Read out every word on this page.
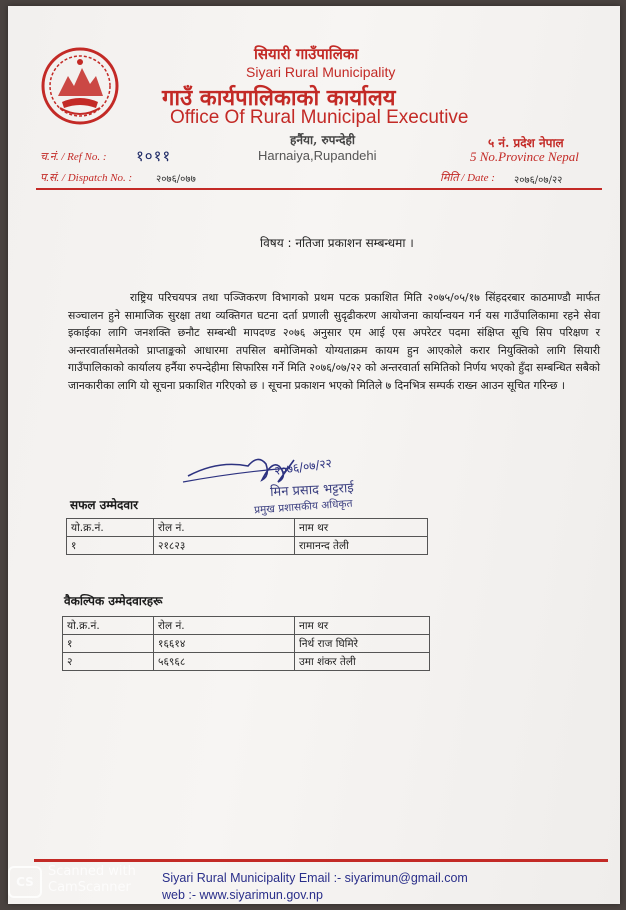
सियारी गाउँपालिका
Siyari Rural Municipality
गाउँ कार्यपालिकाको कार्यालय
Office Of Rural Municipal Executive
हर्नैया, रुपन्देही
Harnaiya,Rupandehi
५ नं. प्रदेश नेपाल
5 No.Province Nepal
च.नं. / Ref No. : १०११
प.सं. / Dispatch No. : २०७६/०७७	मिति / Date : २०७६/०७/२२
विषय : नतिजा प्रकाशन सम्बन्धमा ।
राष्ट्रिय परिचयपत्र तथा पञ्जिकरण विभागको प्रथम पटक प्रकाशित मिति २०७५/०५/१७ सिंहदरबार काठमाण्डौ मार्फत सञ्चालन हुने सामाजिक सुरक्षा तथा व्यक्तिगत घटना दर्ता प्रणाली सुदृढीकरण आयोजना कार्यान्वयन गर्न यस गाउँपालिकामा रहने सेवा इकाईका लागि जनशक्ति छनौट सम्बन्धी मापदण्ड २०७६ अनुसार एम आई एस अपरेटर पदमा संक्षिप्त सूचि सिप परिक्षण र अन्तरवार्तासमेतको प्राप्ताङ्कको आधारमा तपसिल बमोजिमको योग्यताक्रम कायम हुन आएकोले करार नियुक्तिको लागि सियारी गाउँपालिकाको कार्यालय हर्नैया रुपन्देहीमा सिफारिस गर्ने मिति २०७६/०७/२२ को अन्तरवार्ता समितिको निर्णय भएको हुँदा सम्बन्धित सबैको जानकारीका लागि यो सूचना प्रकाशित गरिएको छ । सूचना प्रकाशन भएको मितिले ७ दिनभित्र सम्पर्क राख्न आउन सूचित गरिन्छ ।
२०७६/०७/२२
मिन प्रसाद भट्टराई
प्रमुख प्रशासकीय अधिकृत
सफल उम्मेदवार
यो.क्र.नं.	रोल नं.	नाम थर
१	२१८२३	रामानन्द तेली
वैकल्पिक उम्मेदवारहरू
यो.क्र.नं.	रोल नं.	नाम थर
१	१६६१४	निर्थ राज घिमिरे
२	५६९६८	उमा शंकर तेली
Siyari Rural Municipality Email :- siyarimun@gmail.com
web :- www.siyarimun.gov.np
CS
Scanned with
CamScanner
